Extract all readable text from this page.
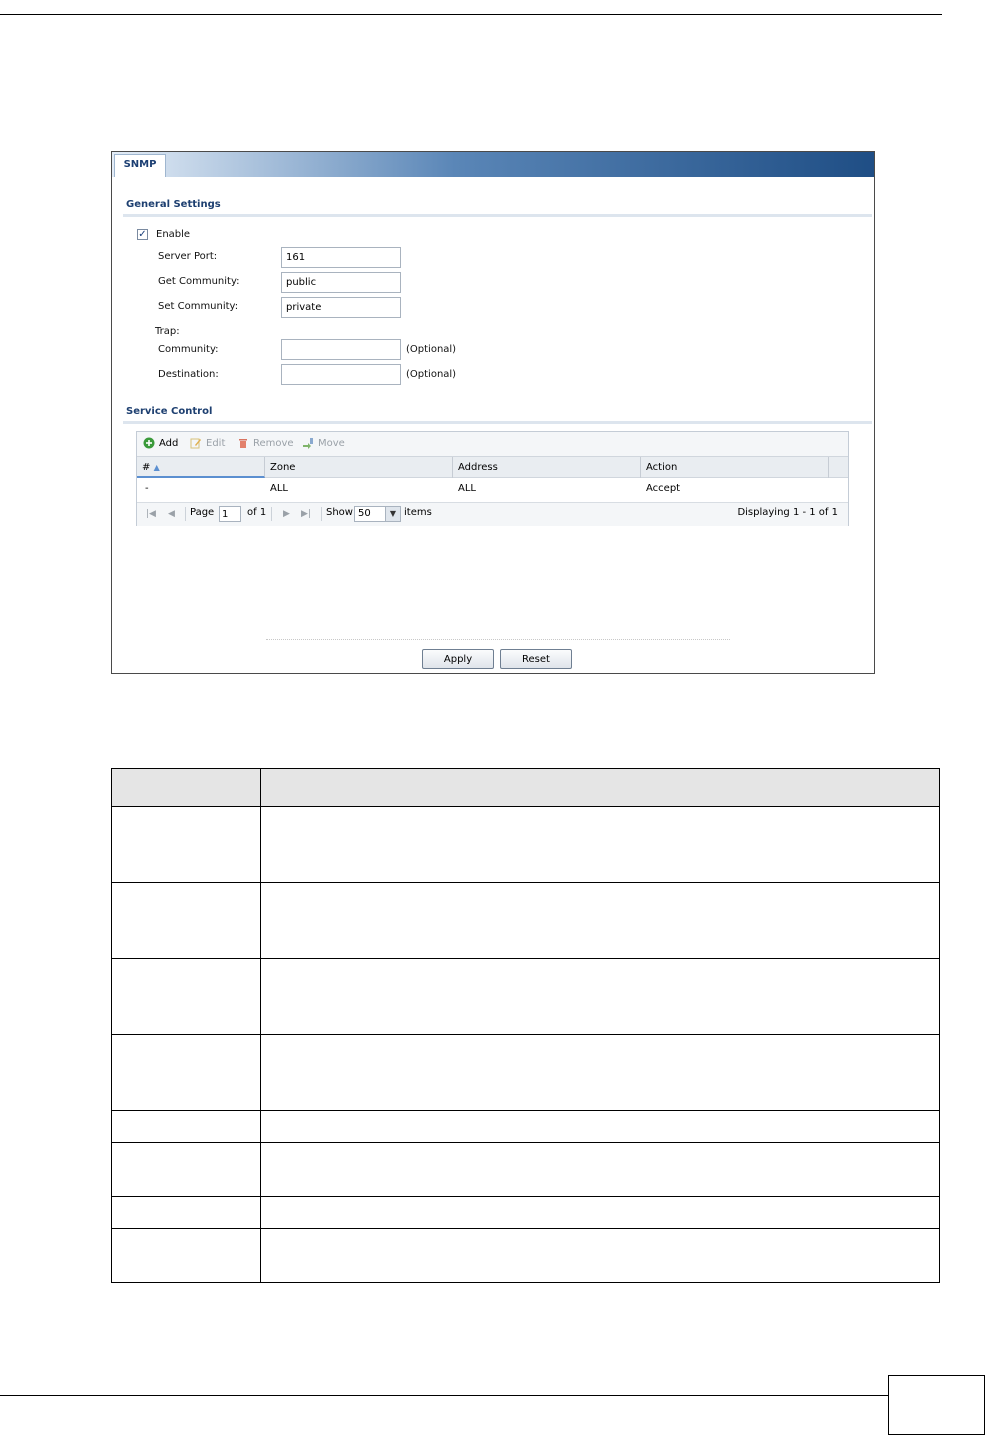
SNMP
General Settings
✓ Enable
Server Port:
161
Get Community:
public
Set Community:
private
Trap:
Community:	(Optional)
Destination:	(Optional)
Service Control
Add	Edit	Remove Move
# ▲	Zone	Address	Action
-	ALL	ALL	Accept
|◀ ◀ Page
1	of 1 ▶ ▶| Show 50	▼ items	Displaying 1 - 1 of 1
Apply	Reset
